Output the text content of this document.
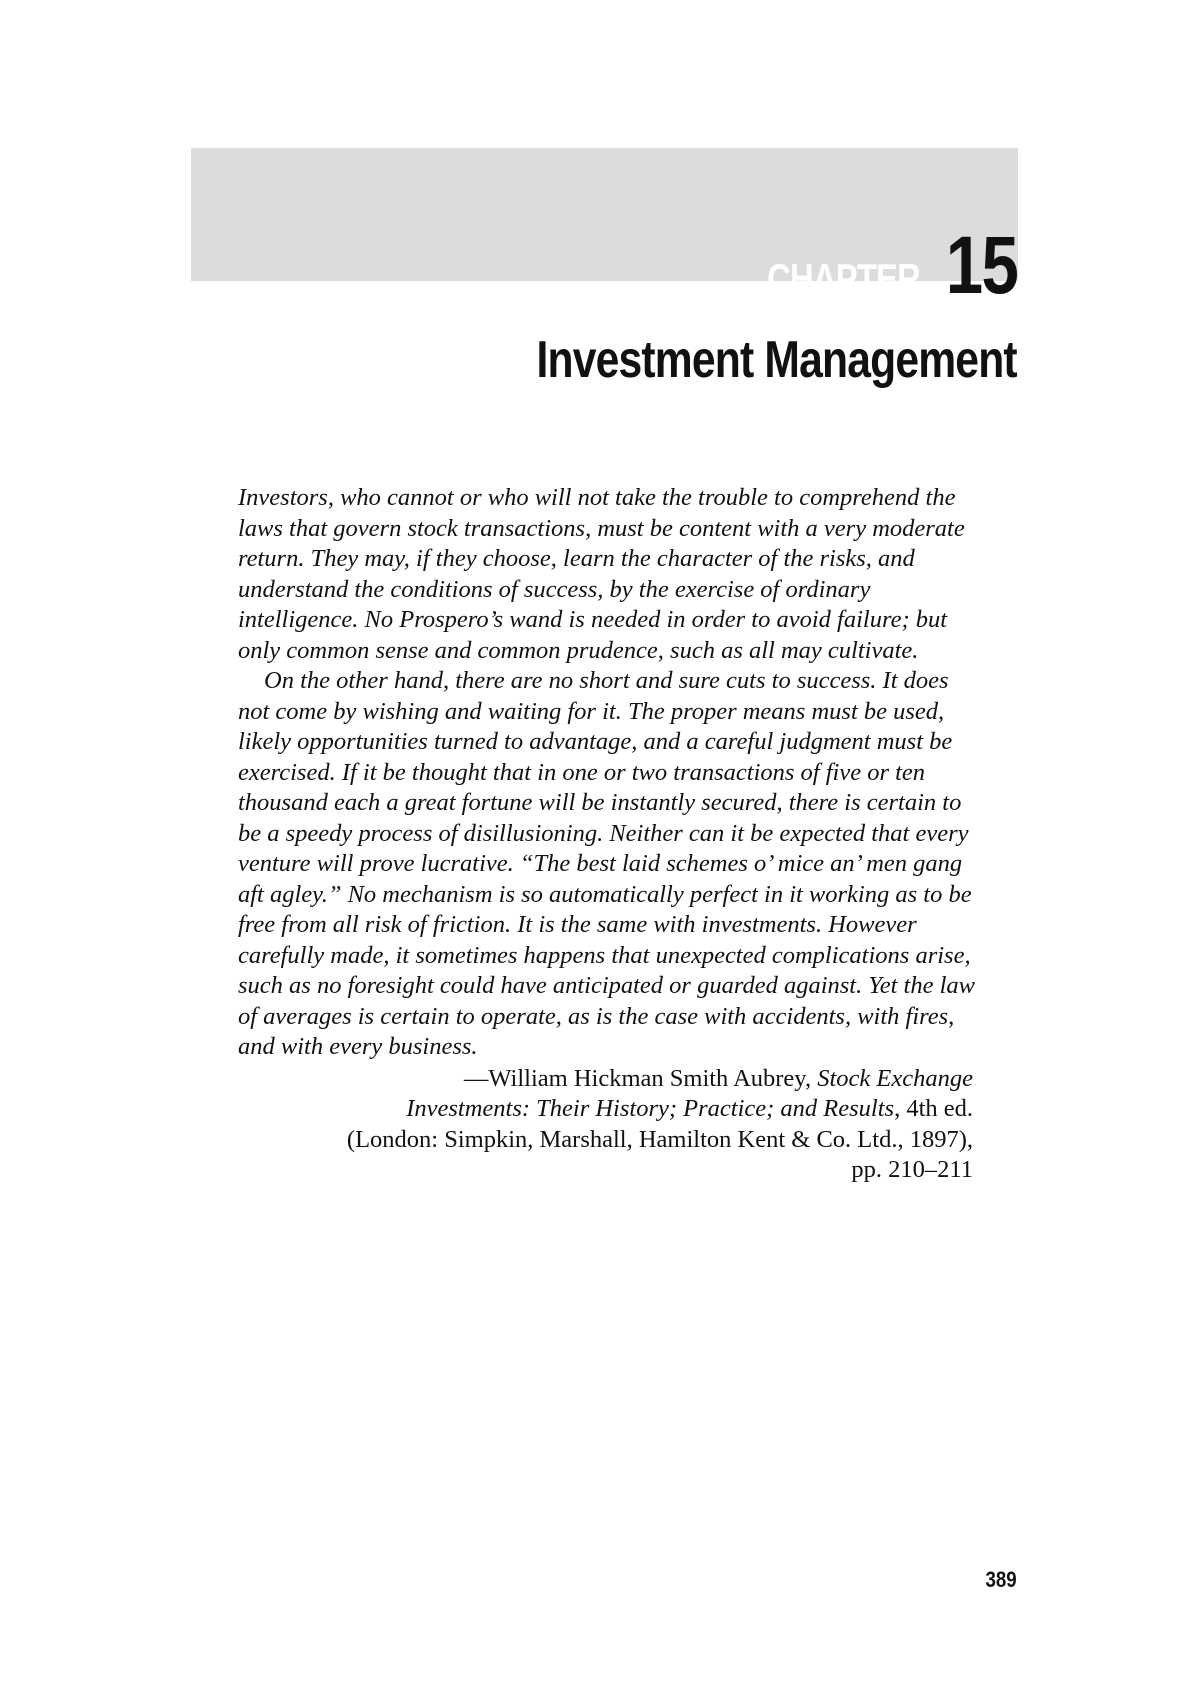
CHAPTER 15
Investment Management

Investors, who cannot or who will not take the trouble to comprehend the laws that govern stock transactions, must be content with a very moderate return. They may, if they choose, learn the character of the risks, and understand the conditions of success, by the exercise of ordinary intelligence. No Prospero’s wand is needed in order to avoid failure; but only common sense and common prudence, such as all may cultivate.

On the other hand, there are no short and sure cuts to success. It does not come by wishing and waiting for it. The proper means must be used, likely opportunities turned to advantage, and a careful judgment must be exercised. If it be thought that in one or two transactions of five or ten thousand each a great fortune will be instantly secured, there is certain to be a speedy process of disillusioning. Neither can it be expected that every venture will prove lucrative. “The best laid schemes o’ mice an’ men gang aft agley.” No mechanism is so automatically perfect in it working as to be free from all risk of friction. It is the same with investments. However carefully made, it sometimes happens that unexpected complications arise, such as no foresight could have anticipated or guarded against. Yet the law of averages is certain to operate, as is the case with accidents, with fires, and with every business.

—William Hickman Smith Aubrey, Stock Exchange
Investments: Their History; Practice; and Results, 4th ed.
(London: Simpkin, Marshall, Hamilton Kent & Co. Ltd., 1897),
pp. 210–211
389
